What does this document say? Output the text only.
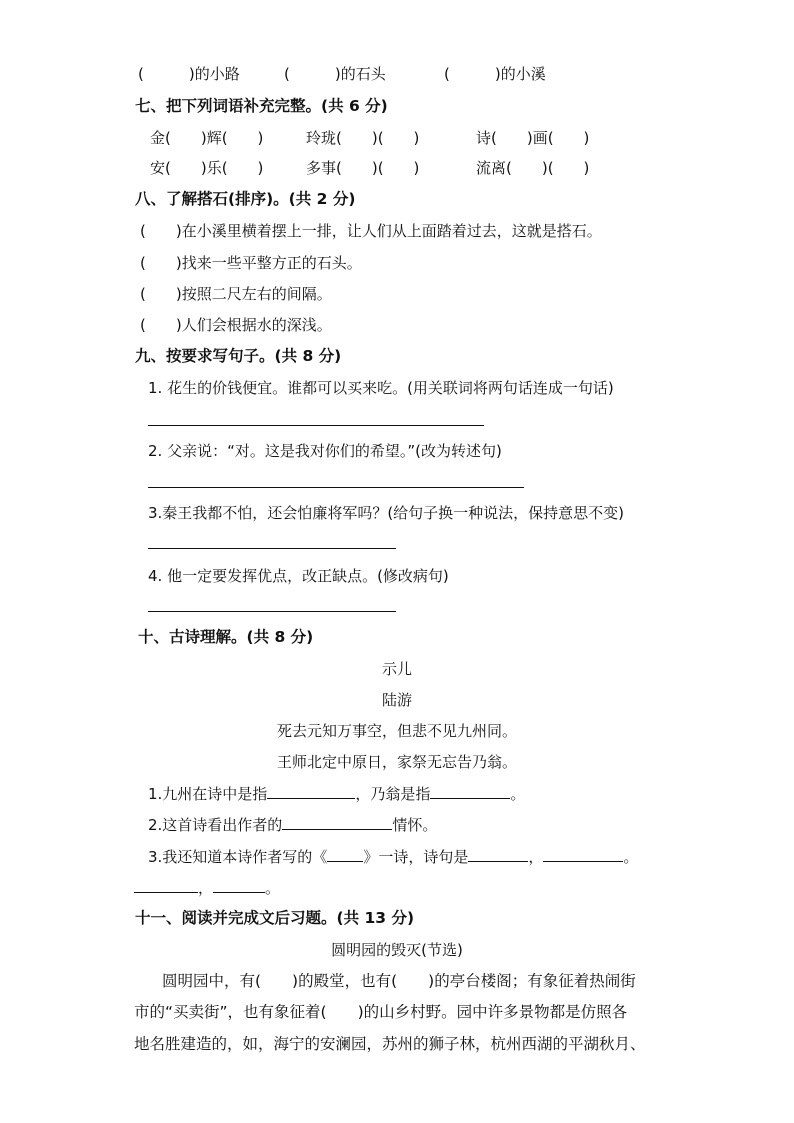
(　　　)的小路	(　　　)的石头	(　　　)的小溪
七、把下列词语补充完整。(共 6 分)
金(　　)辉(　　)	玲珑(　　)(　　)	诗(　　)画(　　)
安(　　)乐(　　)	多事(　　)(　　)	流离(　　)(　　)
八、了解搭石(排序)。(共 2 分)
(　　)在小溪里横着摆上一排，让人们从上面踏着过去，这就是搭石。
(　　)找来一些平整方正的石头。
(　　)按照二尺左右的间隔。
(　　)人们会根据水的深浅。
九、按要求写句子。(共 8 分)
1. 花生的价钱便宜。谁都可以买来吃。(用关联词将两句话连成一句话)
2. 父亲说：“对。这是我对你们的希望。”(改为转述句)
3.秦王我都不怕，还会怕廉将军吗？(给句子换一种说法，保持意思不变)
4. 他一定要发挥优点，改正缺点。(修改病句)
十、古诗理解。(共 8 分)
示儿
陆游
死去元知万事空，但悲不见九州同。
王师北定中原日，家祭无忘告乃翁。
1.九州在诗中是指	，乃翁是指	。
2.这首诗看出作者的	情怀。
3.我还知道本诗作者写的《 》一诗，诗句是	，	。
，	。
十一、阅读并完成文后习题。(共 13 分)
圆明园的毁灭(节选)
圆明园中，有(　　)的殿堂，也有(　　)的亭台楼阁；有象征着热闹街
市的“买卖街”，也有象征着(　　)的山乡村野。园中许多景物都是仿照各
地名胜建造的，如，海宁的安澜园，苏州的狮子林，杭州西湖的平湖秋月、
